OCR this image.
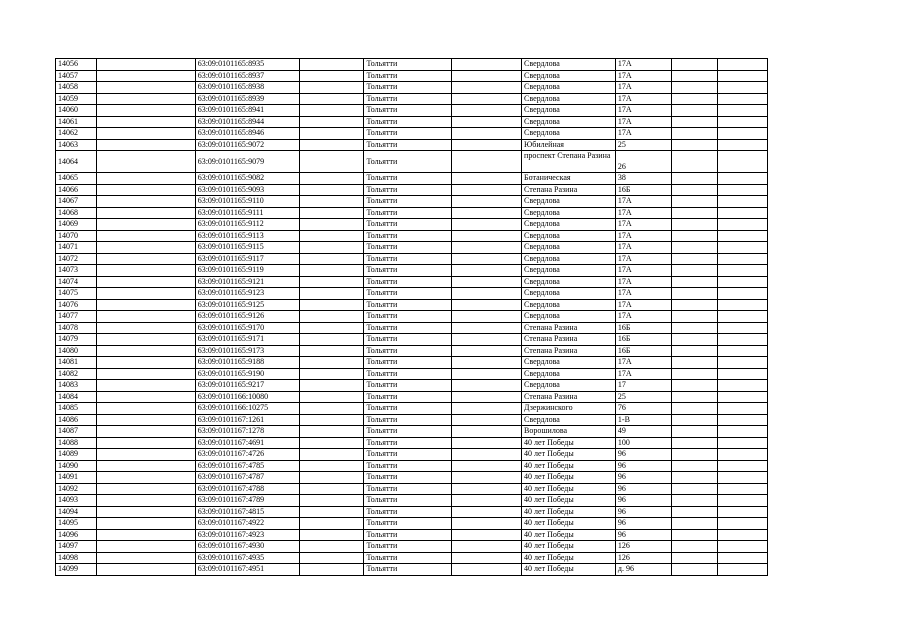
14056		63:09:0101165:8935		Тольятти		Свердлова	17А		
14057		63:09:0101165:8937		Тольятти		Свердлова	17А		
14058		63:09:0101165:8938		Тольятти		Свердлова	17А		
14059		63:09:0101165:8939		Тольятти		Свердлова	17А		
14060		63:09:0101165:8941		Тольятти		Свердлова	17А		
14061		63:09:0101165:8944		Тольятти		Свердлова	17А		
14062		63:09:0101165:8946		Тольятти		Свердлова	17А		
14063		63:09:0101165:9072		Тольятти		Юбилейная	25		
14064		63:09:0101165:9079		Тольятти		проспект Степана Разина	26		
14065		63:09:0101165:9082		Тольятти		Ботаническая	38		
14066		63:09:0101165:9093		Тольятти		Степана Разина	16Б		
14067		63:09:0101165:9110		Тольятти		Свердлова	17А		
14068		63:09:0101165:9111		Тольятти		Свердлова	17А		
14069		63:09:0101165:9112		Тольятти		Свердлова	17А		
14070		63:09:0101165:9113		Тольятти		Свердлова	17А		
14071		63:09:0101165:9115		Тольятти		Свердлова	17А		
14072		63:09:0101165:9117		Тольятти		Свердлова	17А		
14073		63:09:0101165:9119		Тольятти		Свердлова	17А		
14074		63:09:0101165:9121		Тольятти		Свердлова	17А		
14075		63:09:0101165:9123		Тольятти		Свердлова	17А		
14076		63:09:0101165:9125		Тольятти		Свердлова	17А		
14077		63:09:0101165:9126		Тольятти		Свердлова	17А		
14078		63:09:0101165:9170		Тольятти		Степана Разина	16Б		
14079		63:09:0101165:9171		Тольятти		Степана Разина	16Б		
14080		63:09:0101165:9173		Тольятти		Степана Разина	16Б		
14081		63:09:0101165:9188		Тольятти		Свердлова	17А		
14082		63:09:0101165:9190		Тольятти		Свердлова	17А		
14083		63:09:0101165:9217		Тольятти		Свердлова	17		
14084		63:09:0101166:10080		Тольятти		Степана Разина	25		
14085		63:09:0101166:10275		Тольятти		Дзержинского	76		
14086		63:09:0101167:1261		Тольятти		Свердлова	1-В		
14087		63:09:0101167:1278		Тольятти		Ворошилова	49		
14088		63:09:0101167:4691		Тольятти		40 лет Победы	100		
14089		63:09:0101167:4726		Тольятти		40 лет Победы	96		
14090		63:09:0101167:4785		Тольятти		40 лет Победы	96		
14091		63:09:0101167:4787		Тольятти		40 лет Победы	96		
14092		63:09:0101167:4788		Тольятти		40 лет Победы	96		
14093		63:09:0101167:4789		Тольятти		40 лет Победы	96		
14094		63:09:0101167:4815		Тольятти		40 лет Победы	96		
14095		63:09:0101167:4922		Тольятти		40 лет Победы	96		
14096		63:09:0101167:4923		Тольятти		40 лет Победы	96		
14097		63:09:0101167:4930		Тольятти		40 лет Победы	126		
14098		63:09:0101167:4935		Тольятти		40 лет Победы	126		
14099		63:09:0101167:4951		Тольятти		40 лет Победы	д. 96		
